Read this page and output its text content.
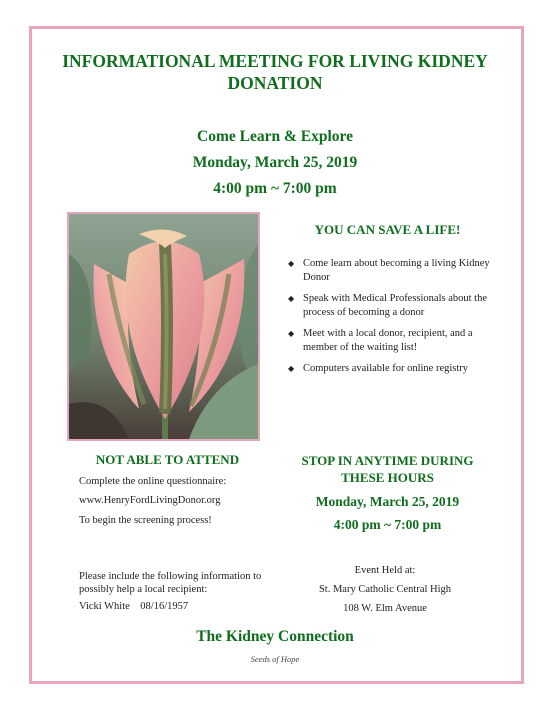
INFORMATIONAL MEETING FOR LIVING KIDNEY DONATION
Come Learn & Explore
Monday, March 25, 2019
4:00 pm ~ 7:00 pm
YOU CAN SAVE A LIFE!
◆ Come learn about becoming a living Kidney Donor
◆ Speak with Medical Professionals about the process of becoming a donor
◆ Meet with a local donor, recipient, and a member of the waiting list!
◆ Computers available for online registry
NOT ABLE TO ATTEND
Complete the online questionnaire:
www.HenryFordLivingDonor.org
To begin the screening process!
STOP IN ANYTIME DURING THESE HOURS
Monday, March 25, 2019
4:00 pm ~ 7:00 pm
Please include the following information to possibly help a local recipient:
Vicki White    08/16/1957
Event Held at:
St. Mary Catholic Central High
108 W. Elm Avenue
The Kidney Connection
Seeds of Hope
